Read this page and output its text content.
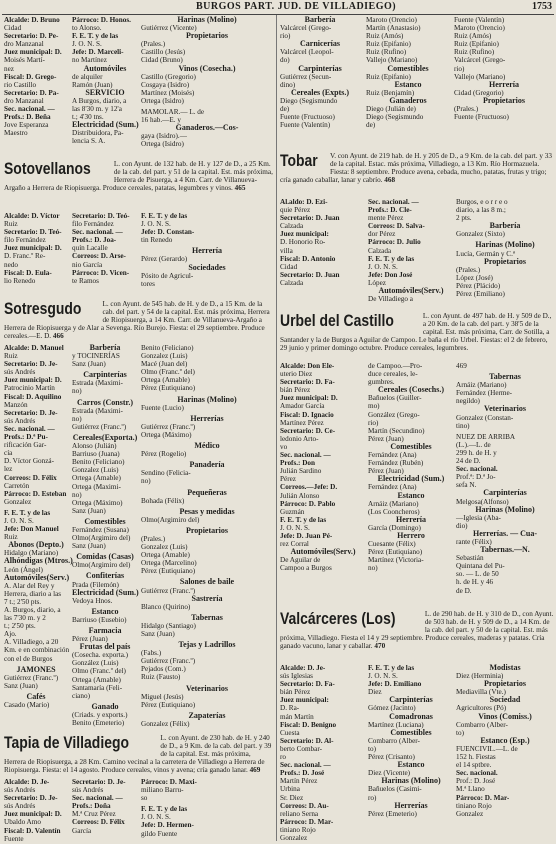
BURGOS PART. JUD. DE VILLADIEGO)	1753
Alcalde: D. Bruno
Cidad
Secretario: D. Pe-
dro Manzanal
Juez municipal: D.
Moisés Martí-
nez
Fiscal: D. Grego-
rio Castillo
Secretario: D. Pa-
dro Manzanal
Sec. nacional. —
Profs.: D. Beña
Jove Esperanza
Maestro
Párroco: D. Honos.
to Alonso.
F. E. T. y de las
J. O. N. S.
Jefe: D. Marceli-
no Martínez
Automóviles
de alquiler
Ramón (Juan)
SERVICIO
A Burgos, diario, a
las 8'30 m. y 12'a
t.; 4'30 tns.
Electricidad (Sum.)
Distribuidora, Pa-
lencia S. A.
Harinas (Molino)
Gutiérrez (Vicente)
Propietarios
(Prales.)
Castillo (Jesús)
Cidad (Bruno)
Vinos (Cosecha.)
Castillo (Gregorio)
Cosgaya (Isidro)
Martínez (Moisés)
Ortega (Isidro)

MAMOLAR.— L. de
16 hab.—E. y
Ganaderos.—Cos-
gaya (Isidro).—
Ortega (Isidro)
Barbería
Valcárcel (Grego-
rio)
Carnicerías
Valcárcel (Leopol-
do)
Carpinterías
Gutiérrez (Secun-
dino)
Cereales (Expts.)
Diego (Segismundo
de)
Fuente (Fructuoso)
Fuente (Valentín)
Maroto (Orencio)
Martín (Anastasio)
Ruiz (Amós)
Ruiz (Epifanio)
Ruiz (Rufino)
Vallejo (Mariano)
Comestibles
Ruiz (Epifanio)
Estanco
Ruiz (Benjamín)
Ganaderos
Diego (Julián de)
Diego (Segismundo
de)
Fuente (Valentín)
Maroto (Orencio)
Ruiz (Amós)
Ruiz (Epifanio)
Ruiz (Rufino)
Valcárcel (Grego-
rio)
Vallejo (Mariano)
Herrería
Cidad (Gregorio)
Propietarios
(Prales.)
Fuente (Fructuoso)
Sotovellanos	L. con Ayunt. de 132 hab. de H. y 127 de D., a 25 Km. de la cab. del part. y 51 de la capital. Est. más próxima, Herrera de Pisuerga, a 4 Km. Carr. de Villanueva-Argaño a Herrera de Riopisuerga. Produce cereales, patatas, legumbres y vinos. 465
Alcalde: D. Víctor
Ruiz
Secretario: D. Teó-
filo Fernández
Juez municipal: D.
D. Franc.º Re-
nedo
Fiscal: D. Eula-
lio Renedo
Secretario: D. Teó-
filo Fernández
Sec. nacional. —
Profs.: D. Joa-
quín Lacalle
Correos: D. Arse-
nio García
Párroco: D. Vicen-
te Ramos
F. E. T. y de las
J. O. N. S.
Jefe: D. Constan-
tin Renedo

Herrería
Pérez (Gerardo)
Sociedades
Pósito de Agricul-
tores
Sotresgudo	L. con Ayunt. de 545 hab. de H. y de D., a 15 Km. de la cab. del part. y 54 de la capital. Est. más próxima, Herrera de Riopisuerga, a 14 Km. Carr. de Villanueva-Argaño a Herrera de Riopisuerga y de Alar a Sevenga. Río Burejo. Fiesta: el 29 septiembre. Produce cereales.—E. D. 466
Alcalde: D. Manuel
Ruiz
Secretario: D. Je-
sús Andrés
Juez municipal: D.
Patrocinio Martín
Fiscal: D. Aquilino
Manzón
Secretario: D. Je-
sús Andrés
Sec. nacional. —
Profs.: D.ª Pu-
rificación Gar-
cía
D. Víctor Gonzá-
lez
Correos: D. Félix
Carretón
Párroco: D. Esteban
Gonzalez

F. E. T. y de las
J. O. N. S.
Jefe: Don Manuel
Ruiz
Abonos (Depto.)
Hidalgo (Mariano)
Alhóndigas (Mtros.)
León (Ángel)
Automóviles(Serv.)
A. Alar del Rey y
Herrera, diario a las
7 t.; 2'50 pts.
A. Burgos, diario, a
las 7'30 m. y 2
t.; 2'50 pts.
Ajo.
A. Villadiego, a 20
Km. e en combinación
con el de Burgos

JAMONES
Gutiérrez (Franc.º)
Sanz (Juan)

Cafés
Casado (Mario)
Barbería
y TOCINERÍAS
Sanz (Juan)

Carpinterías
Estrada (Maximi-
no)

Carros (Constr.)
Estrada (Maximi-
no)
Gutiérrez (Franc.º)

Cereales(Exporta.)
Alonso (Julián)
Barriuso (Juana)
Benito (Feliciano)
Gonzalez (Luis)
Ortega (Amable)
Ortega (Maximi-
no)
Ortega (Máximo)
Sanz (Juan)

Comestibles
Fernández (Susana)
Olmo(Argimiro del)
Sanz (Juan)

Comidas (Casas)
Olmo(Argimiro del)

Confiterías
Prada (Filemón)
Electricidad (Sum.)
Vedoya Hnos.

Estanco
Barriuso (Eusebio)

Farmacia
Pérez (Juan)
Frutas del país
(Cosecha. exporta.)
González (Luis)
Olmo (Franc.º del)
Ortega (Amable)
Santamaría (Feli-
ciano)

Ganado
(Criads. y exports.)
Benito (Emeterio)
Benito (Feliciano)
Gonzalez (Luis)
Macé (Juan del)
Olmo (Franc.º del)
Ortega (Amable)
Pérez (Eutiquiano)

Harinas (Molino)
Fuente (Lucio)

Herrerías
Gutiérrez (Franc.º)
Ortega (Máximo)

Médico
Pérez (Rogelio)

Panadería
Sendino (Felicia-
no)

Pequeñeras
Bohada (Félix)

Pesas y medidas
Olmo(Argimiro del)

Propietarios
(Prales.)
Gonzalez (Luis)
Ortega (Amable)
Ortega (Marcelino)
Pérez (Eutiquiano)

Salones de baile
Gutiérrez (Franc.º)
Sastrería
Blanco (Quirino)

Tabernas
Hidalgo (Santiago)
Sanz (Juan)

Tejas y Ladrillos
(Fabs.)
Gutiérrez (Franc.º)
Pejados (Com.)
Ruiz (Fausto)

Veterinarios
Miguel (Jesús)
Pérez (Eutiquiano)

Zapaterías
Gonzalez (Félix)
Tapia de Villadiego	L. con Ayunt. de 230 hab. de H. y 240 de D., a 9 Km. de la cab. del part. y 39 de la capital. Est. más próxima, Herrera de Riopisuerga, a 28 Km. Camino vecinal a la carretera de Villadiego a Herrera de Riopisuerga. Fiesta: el 14 agosto. Produce cereales, vinos y avena; cría ganado lanar. 469
Alcalde: D. Je-
sús Andrés
Secretario: D. Je-
sús Andrés
Juez municipal: D.
Ubaldo Amo
Fiscal: D. Valentín
Fuente
Secretario: D. Je-
sús Andrés
Sec. nacional. —
Profs.: Doña
M.ª Cruz Pérez
Correos: D. Félix
García
Párroco: D. Maxi-
miliano Barru-
so

F. E. T. y de las
J. O. N. S.
Jefe: D. Hermen-
gildo Fuente
Tobar V. con Ayunt. de 219 hab. de H. y 205 de D., a 9 Km. de la cab. del part. y 33 de la capital. Estac. más próxima, Villadiego, a 13 Km. Río Hormazuela. Fiesta: 8 septiembre. Produce avena, cebada, mucho, patatas, frutas y trigo; cría ganado caballar, lanar y cabrío. 468
Al.aldo: D. Ezi-
quie Pérez
Secretario: D. Juan
Calzada
Juez municipal:
D. Honorio Ro-
villa
Fiscal: D. Antonio
Cidad
Secretario: D. Juan
Calzada
Sec. nacional. —
Profs.: D. Cle-
mente Pérez
Correos: D. Salva-
dor Pérez
Párroco: D. Julio
Calzada
F. E. T. y de las
J. O. N. S.
Jefe: Don José
López
Automóviles(Serv.)
De Villadiego a
Burgos, e o r r e o
diario, a las 8 m.;
2 pts.
Barbería
Gonzalez (Sixto)

Harinas (Molino)
Lucía, Germán y C.ª
Propietarios
(Prales.)
López (José)
Pérez (Plácido)
Pérez (Emiliano)
Urbel del Castillo	L. con Ayunt. de 497 hab. de H. y 509 de D., a 20 Km. de la cab. del part. y 38'5 de la capital. Est. más próxima, Carr. de Sotilla, a Santander y la de Burgos a Aguilar de Campoo. Le baña el río Urbel. Fiestas: el 2 de febrero, 29 junio y primer domingo octubre. Produce cereales, legumbres.
Alcalde: Don Ele-
uterio Diez
Secretario: D. Fa-
bián Pérez
Juez municipal: D.
Amador García
Fiscal: D. Ignacio
Martínez Pérez
Secretario: D. Ce-
ledonio Arto-
vo
Sec. nacional. —
Profs.: Don
Julián Sardino
Pérez
Correos.—Jefe: D.
Julián Alonso
Párroco: D. Pablo
Guzmán
F. E. T. y de las
J. O. N. S.
Jefe: D. Juan Pé-
rez Corral
Automóviles(Serv.)
De Aguilar de
Campoo a Burgos
de Campoo.—Pro-
duce cereales, le-
gumbres.
Cereales (Cosechs.)
Bañuelos (Guiller-
mo)
González (Grego-
rio)
Martín (Secundino)
Pérez (Juan)
Comestibles
Fernández (Ana)
Fernández (Rubén)
Pérez (Juan)
Electricidad (Sum.)
Fernández (Ana)
Estanco
Arnáiz (Mariano)
(Los Cooncheros)
Herrería
García (Domingo)
Herrero
Cuesante (Félix)
Pérez (Eutiquiano)
Martínez (Victoria-
no)
469

Tabernas
Arnáiz (Mariano)
Fernández (Herme-
negildo)
Veterinarios
Gonzalez (Constan-
tino)

NUEZ DE ARRIBA
(L.).—L. de
299 h. de H. y
24 de D.
Sec. nacional.
Prof.ª: D.ª Jo-
sefa N.
Carpinterías
Melgosa(Alfonso)
Harinas (Molino)
—Iglesia (Aba-
dio)
Herrerías. — Cua-
rante (Félix)
Tabernas.—N.
Sebastián
Quintana del Pu-
so. — L. de 50
h. de H. y 46
de D.
Valcárceres (Los)	L. de 290 hab. de H. y 310 de D., con Ayunt. de 503 hab. de H. y 509 de D., a 14 Km. de la cab. del part. y 50 de la capital. Est. más próxima, Villadiego. Fiesta el 14 y 29 septiembre. Produce cereales, maderas y patatas. Cría ganado vacuno, lanar y caballar. 470
Alcalde: D. Je-
sús Iglesias
Secretario: D. Fa-
bián Pérez
Juez municipal:
D. Ra-
mán Martín
Fiscal: D. Benigno
Cuesta
Secretario: D. Al-
berto Combar-
ro
Sec. nacional. —
Profs.: D. José
Martín Pérez
Urbina
Sr. Diez
Correos: D. Au-
reliano Serna
Párroco: D. Mar-
tiniano Rojo
Gonzalez
F. E. T. y de las
J. O. N. S.
Jefe: D. Emiliano
Diez
Carpinterías
Gómez (Jacinto)
Comadronas
Martínez (Luciana)
Comestibles
Combarro (Alber-
to)
Pérez (Crisanto)
Estanco
Diez (Vicente)
Harinas (Molino)
Bañuelos (Casimi-
ro)
Herrerías
Pérez (Emeterio)
Modistas
Diez (Herminia)
Propietarios
Mediavilla (Vte.)
Sociedad
Agricultores (Pó)
Vinos (Comiss.)
Combarro (Alber-
to)
Estanco (Esp.)
FUENCIVIL.—L. de
152 h. Fiestas
el 14 sptbre.
Sec. nacional.
Prof.: D. José
M.ª Llano
Párroco: D. Mar-
tiniano Rojo
Gonzalez
